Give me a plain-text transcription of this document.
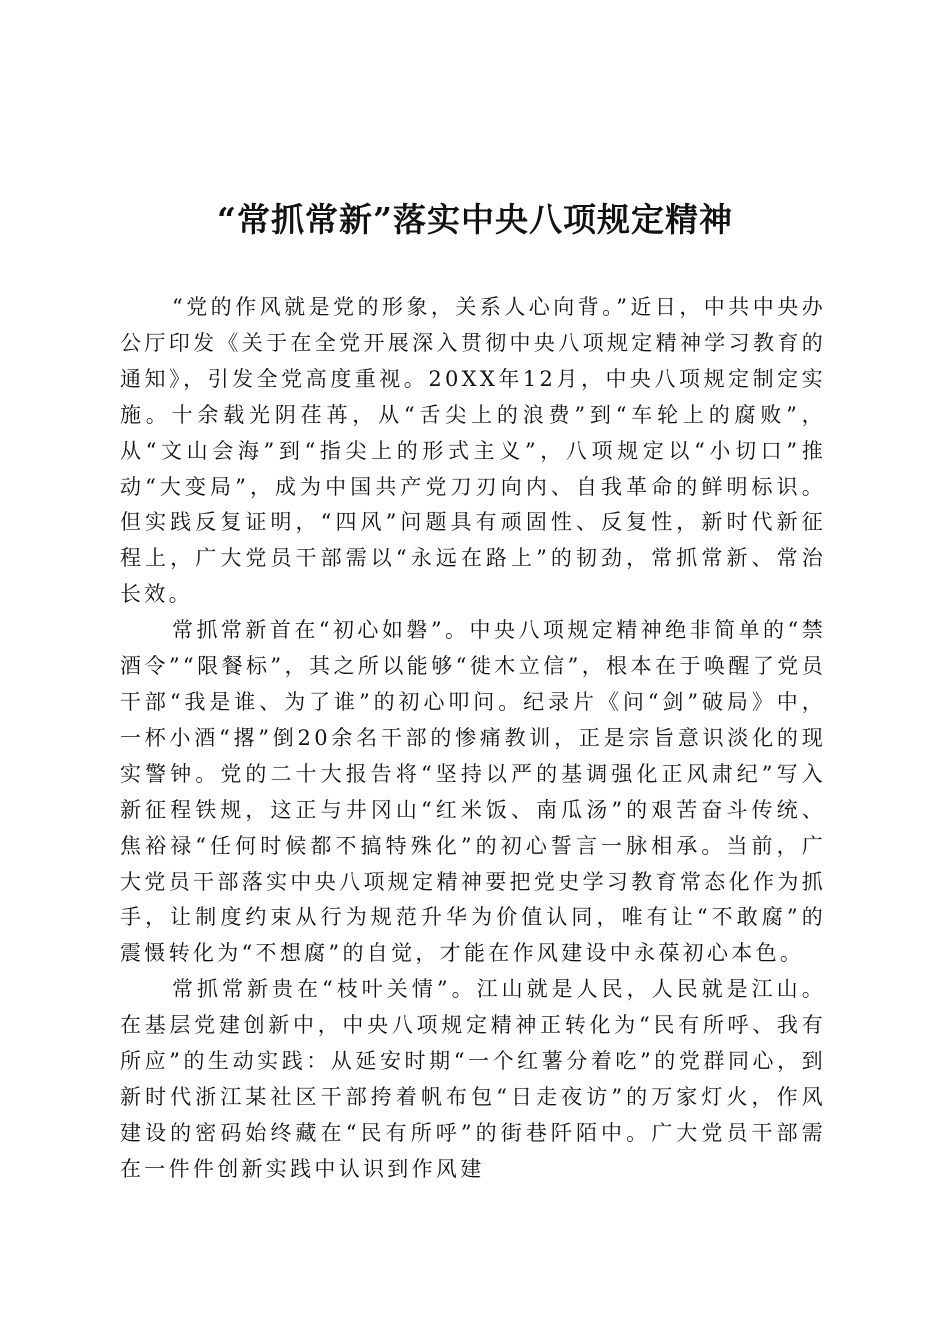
“常抓常新”落实中央八项规定精神

“党的作风就是党的形象，关系人心向背。”近日，中共中央办公厅印发《关于在全党开展深入贯彻中央八项规定精神学习教育的通知》，引发全党高度重视。20XX年12月，中央八项规定制定实施。十余载光阴荏苒，从“舌尖上的浪费”到“车轮上的腐败”，从“文山会海”到“指尖上的形式主义”，八项规定以“小切口”推动“大变局”，成为中国共产党刀刃向内、自我革命的鲜明标识。但实践反复证明，“四风”问题具有顽固性、反复性，新时代新征程上，广大党员干部需以“永远在路上”的韧劲，常抓常新、常治长效。

常抓常新首在“初心如磐”。中央八项规定精神绝非简单的“禁酒令”“限餐标”，其之所以能够“徙木立信”，根本在于唤醒了党员干部“我是谁、为了谁”的初心叩问。纪录片《问“剑”破局》中，一杯小酒“撂”倒20余名干部的惨痛教训，正是宗旨意识淡化的现实警钟。党的二十大报告将“坚持以严的基调强化正风肃纪”写入新征程铁规，这正与井冈山“红米饭、南瓜汤”的艰苦奋斗传统、焦裕禄“任何时候都不搞特殊化”的初心誓言一脉相承。当前，广大党员干部落实中央八项规定精神要把党史学习教育常态化作为抓手，让制度约束从行为规范升华为价值认同，唯有让“不敢腐”的震慑转化为“不想腐”的自觉，才能在作风建设中永葆初心本色。

常抓常新贵在“枝叶关情”。江山就是人民，人民就是江山。在基层党建创新中，中央八项规定精神正转化为“民有所呼、我有所应”的生动实践：从延安时期“一个红薯分着吃”的党群同心，到新时代浙江某社区干部挎着帆布包“日走夜访”的万家灯火，作风建设的密码始终藏在“民有所呼”的街巷阡陌中。广大党员干部需在一件件创新实践中认识到作风建
